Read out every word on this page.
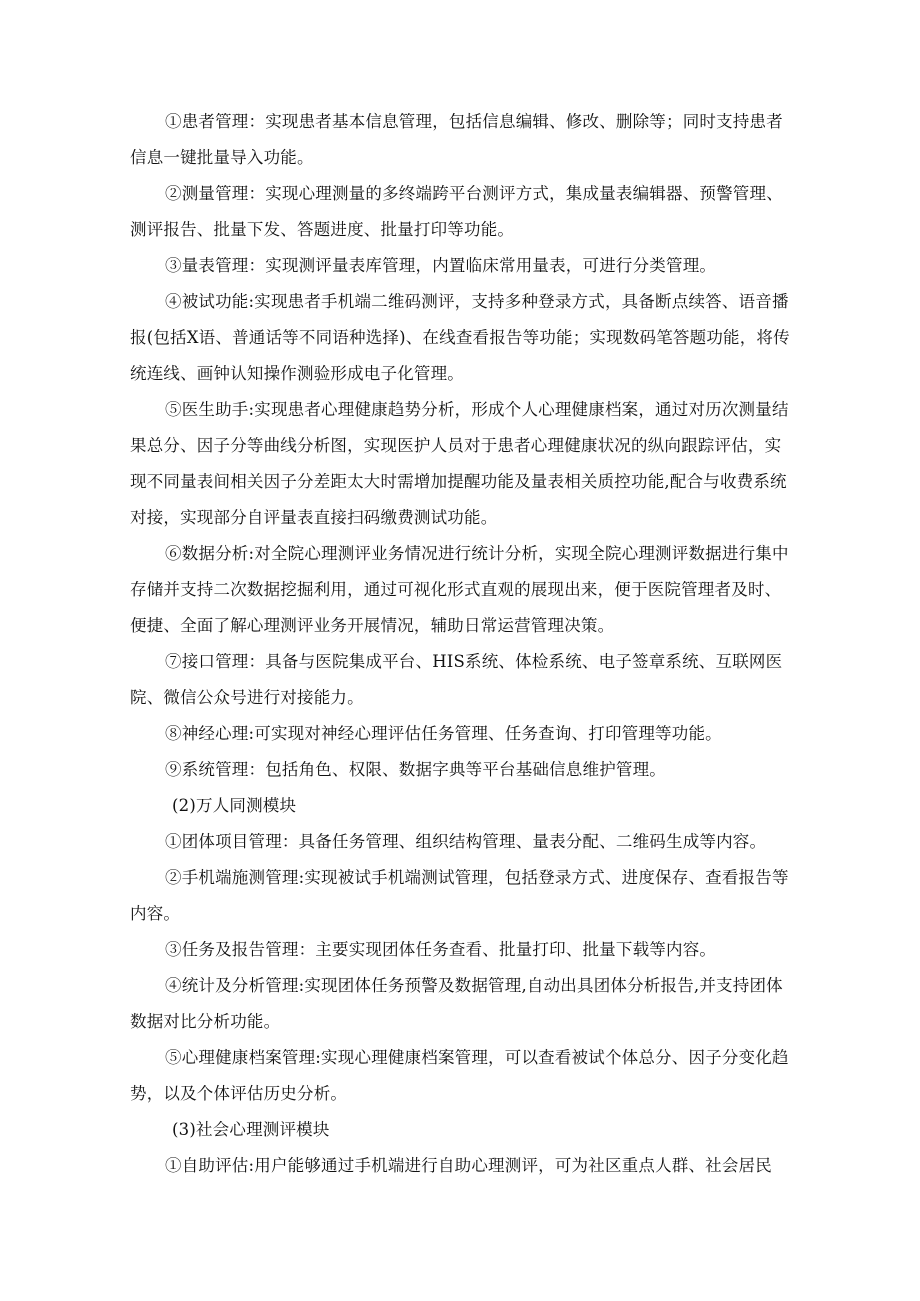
①患者管理：实现患者基本信息管理，包括信息编辑、修改、删除等；同时支持患者信息一键批量导入功能。

②测量管理：实现心理测量的多终端跨平台测评方式，集成量表编辑器、预警管理、测评报告、批量下发、答题进度、批量打印等功能。

③量表管理：实现测评量表库管理，内置临床常用量表，可进行分类管理。

④被试功能:实现患者手机端二维码测评，支持多种登录方式，具备断点续答、语音播报(包括X语、普通话等不同语种选择)、在线查看报告等功能；实现数码笔答题功能，将传统连线、画钟认知操作测验形成电子化管理。

⑤医生助手:实现患者心理健康趋势分析，形成个人心理健康档案，通过对历次测量结果总分、因子分等曲线分析图，实现医护人员对于患者心理健康状况的纵向跟踪评估，实现不同量表间相关因子分差距太大时需增加提醒功能及量表相关质控功能,配合与收费系统对接，实现部分自评量表直接扫码缴费测试功能。

⑥数据分析:对全院心理测评业务情况进行统计分析，实现全院心理测评数据进行集中存储并支持二次数据挖掘利用，通过可视化形式直观的展现出来，便于医院管理者及时、便捷、全面了解心理测评业务开展情况，辅助日常运营管理决策。

⑦接口管理：具备与医院集成平台、HIS系统、体检系统、电子签章系统、互联网医院、微信公众号进行对接能力。

⑧神经心理:可实现对神经心理评估任务管理、任务查询、打印管理等功能。

⑨系统管理：包括角色、权限、数据字典等平台基础信息维护管理。

(2)万人同测模块

①团体项目管理：具备任务管理、组织结构管理、量表分配、二维码生成等内容。

②手机端施测管理:实现被试手机端测试管理，包括登录方式、进度保存、查看报告等内容。

③任务及报告管理：主要实现团体任务查看、批量打印、批量下载等内容。

④统计及分析管理:实现团体任务预警及数据管理,自动出具团体分析报告,并支持团体数据对比分析功能。

⑤心理健康档案管理:实现心理健康档案管理，可以查看被试个体总分、因子分变化趋势，以及个体评估历史分析。

(3)社会心理测评模块

①自助评估:用户能够通过手机端进行自助心理测评，可为社区重点人群、社会居民
